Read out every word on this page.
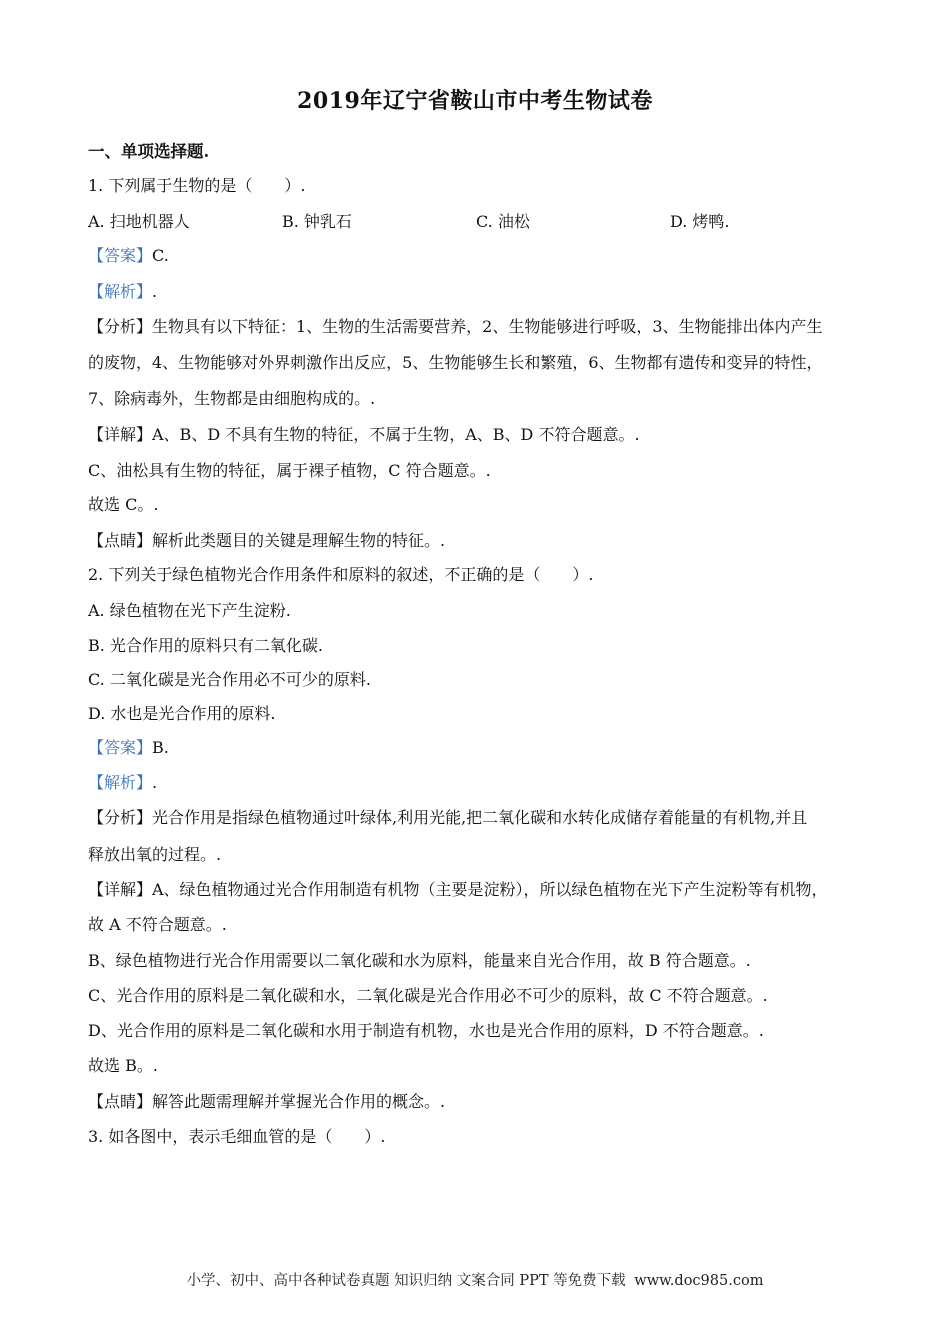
2019年辽宁省鞍山市中考生物试卷
一、单项选择题.
1. 下列属于生物的是（　　）.
A. 扫地机器人	B. 钟乳石	C. 油松	D. 烤鸭.
【答案】C.
【解析】.
【分析】生物具有以下特征：1、生物的生活需要营养，2、生物能够进行呼吸，3、生物能排出体内产生
的废物，4、生物能够对外界刺激作出反应，5、生物能够生长和繁殖，6、生物都有遗传和变异的特性，
7、除病毒外，生物都是由细胞构成的。.
【详解】A、B、D 不具有生物的特征，不属于生物，A、B、D 不符合题意。.
C、油松具有生物的特征，属于裸子植物，C 符合题意。.
故选 C。.
【点睛】解析此类题目的关键是理解生物的特征。.
2. 下列关于绿色植物光合作用条件和原料的叙述，不正确的是（　　）.
A. 绿色植物在光下产生淀粉.
B. 光合作用的原料只有二氧化碳.
C. 二氧化碳是光合作用必不可少的原料.
D. 水也是光合作用的原料.
【答案】B.
【解析】.
【分析】光合作用是指绿色植物通过叶绿体,利用光能,把二氧化碳和水转化成储存着能量的有机物,并且
释放出氧的过程。.
【详解】A、绿色植物通过光合作用制造有机物（主要是淀粉），所以绿色植物在光下产生淀粉等有机物，
故 A 不符合题意。.
B、绿色植物进行光合作用需要以二氧化碳和水为原料，能量来自光合作用，故 B 符合题意。.
C、光合作用的原料是二氧化碳和水，二氧化碳是光合作用必不可少的原料，故 C 不符合题意。.
D、光合作用的原料是二氧化碳和水用于制造有机物，水也是光合作用的原料，D 不符合题意。.
故选 B。.
【点睛】解答此题需理解并掌握光合作用的概念。.
3. 如各图中，表示毛细血管的是（　　）.
小学、初中、高中各种试卷真题 知识归纳 文案合同 PPT 等免费下载 www.doc985.com
